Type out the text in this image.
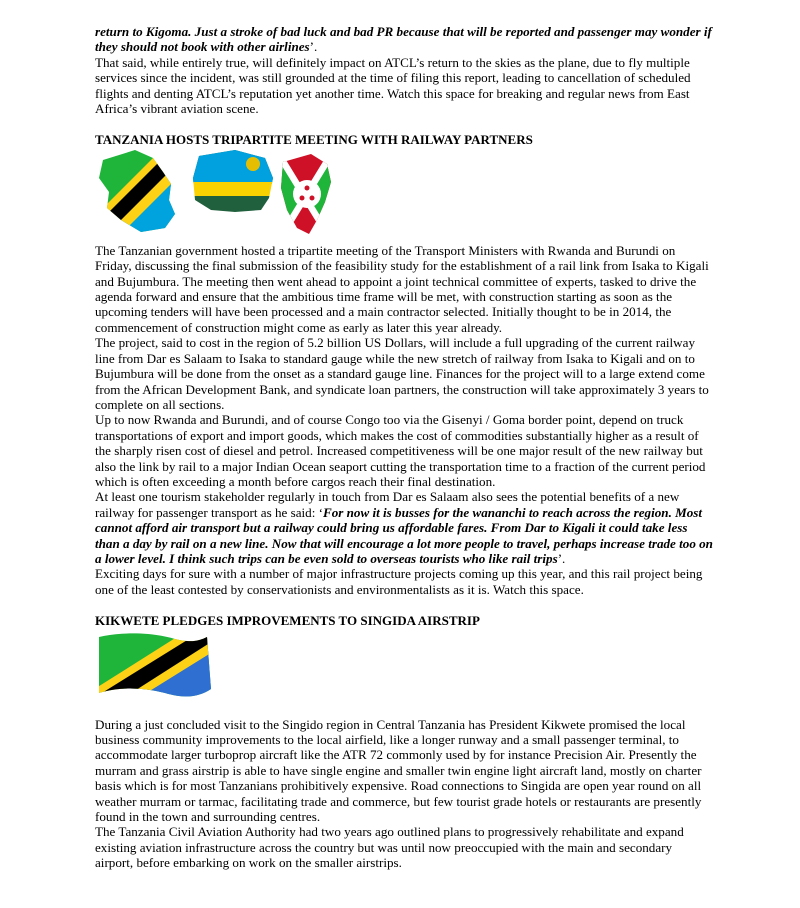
return to Kigoma. Just a stroke of bad luck and bad PR because that will be reported and passenger may wonder if they should not book with other airlines’.

That said, while entirely true, will definitely impact on ATCL’s return to the skies as the plane, due to fly multiple services since the incident, was still grounded at the time of filing this report, leading to cancellation of scheduled flights and denting ATCL’s reputation yet another time. Watch this space for breaking and regular news from East Africa’s vibrant aviation scene.

TANZANIA HOSTS TRIPARTITE MEETING WITH RAILWAY PARTNERS

The Tanzanian government hosted a tripartite meeting of the Transport Ministers with Rwanda and Burundi on Friday, discussing the final submission of the feasibility study for the establishment of a rail link from Isaka to Kigali and Bujumbura. The meeting then went ahead to appoint a joint technical committee of experts, tasked to drive the agenda forward and ensure that the ambitious time frame will be met, with construction starting as soon as the upcoming tenders will have been processed and a main contractor selected. Initially thought to be in 2014, the commencement of construction might come as early as later this year already.

The project, said to cost in the region of 5.2 billion US Dollars, will include a full upgrading of the current railway line from Dar es Salaam to Isaka to standard gauge while the new stretch of railway from Isaka to Kigali and on to Bujumbura will be done from the onset as a standard gauge line. Finances for the project will to a large extend come from the African Development Bank, and syndicate loan partners, the construction will take approximately 3 years to complete on all sections.

Up to now Rwanda and Burundi, and of course Congo too via the Gisenyi / Goma border point, depend on truck transportations of export and import goods, which makes the cost of commodities substantially higher as a result of the sharply risen cost of diesel and petrol. Increased competitiveness will be one major result of the new railway but also the link by rail to a major Indian Ocean seaport cutting the transportation time to a fraction of the current period which is often exceeding a month before cargos reach their final destination.

At least one tourism stakeholder regularly in touch from Dar es Salaam also sees the potential benefits of a new railway for passenger transport as he said: ‘For now it is busses for the wananchi to reach across the region. Most cannot afford air transport but a railway could bring us affordable fares. From Dar to Kigali it could take less than a day by rail on a new line. Now that will encourage a lot more people to travel, perhaps increase trade too on a lower level. I think such trips can be even sold to overseas tourists who like rail trips’.

Exciting days for sure with a number of major infrastructure projects coming up this year, and this rail project being one of the least contested by conservationists and environmentalists as it is. Watch this space.

KIKWETE PLEDGES IMPROVEMENTS TO SINGIDA AIRSTRIP

During a just concluded visit to the Singido region in Central Tanzania has President Kikwete promised the local business community improvements to the local airfield, like a longer runway and a small passenger terminal, to accommodate larger turboprop aircraft like the ATR 72 commonly used by for instance Precision Air. Presently the murram and grass airstrip is able to have single engine and smaller twin engine light aircraft land, mostly on charter basis which is for most Tanzanians prohibitively expensive. Road connections to Singida are open year round on all weather murram or tarmac, facilitating trade and commerce, but few tourist grade hotels or restaurants are presently found in the town and surrounding centres.

The Tanzania Civil Aviation Authority had two years ago outlined plans to progressively rehabilitate and expand existing aviation infrastructure across the country but was until now preoccupied with the main and secondary airport, before embarking on work on the smaller airstrips.
